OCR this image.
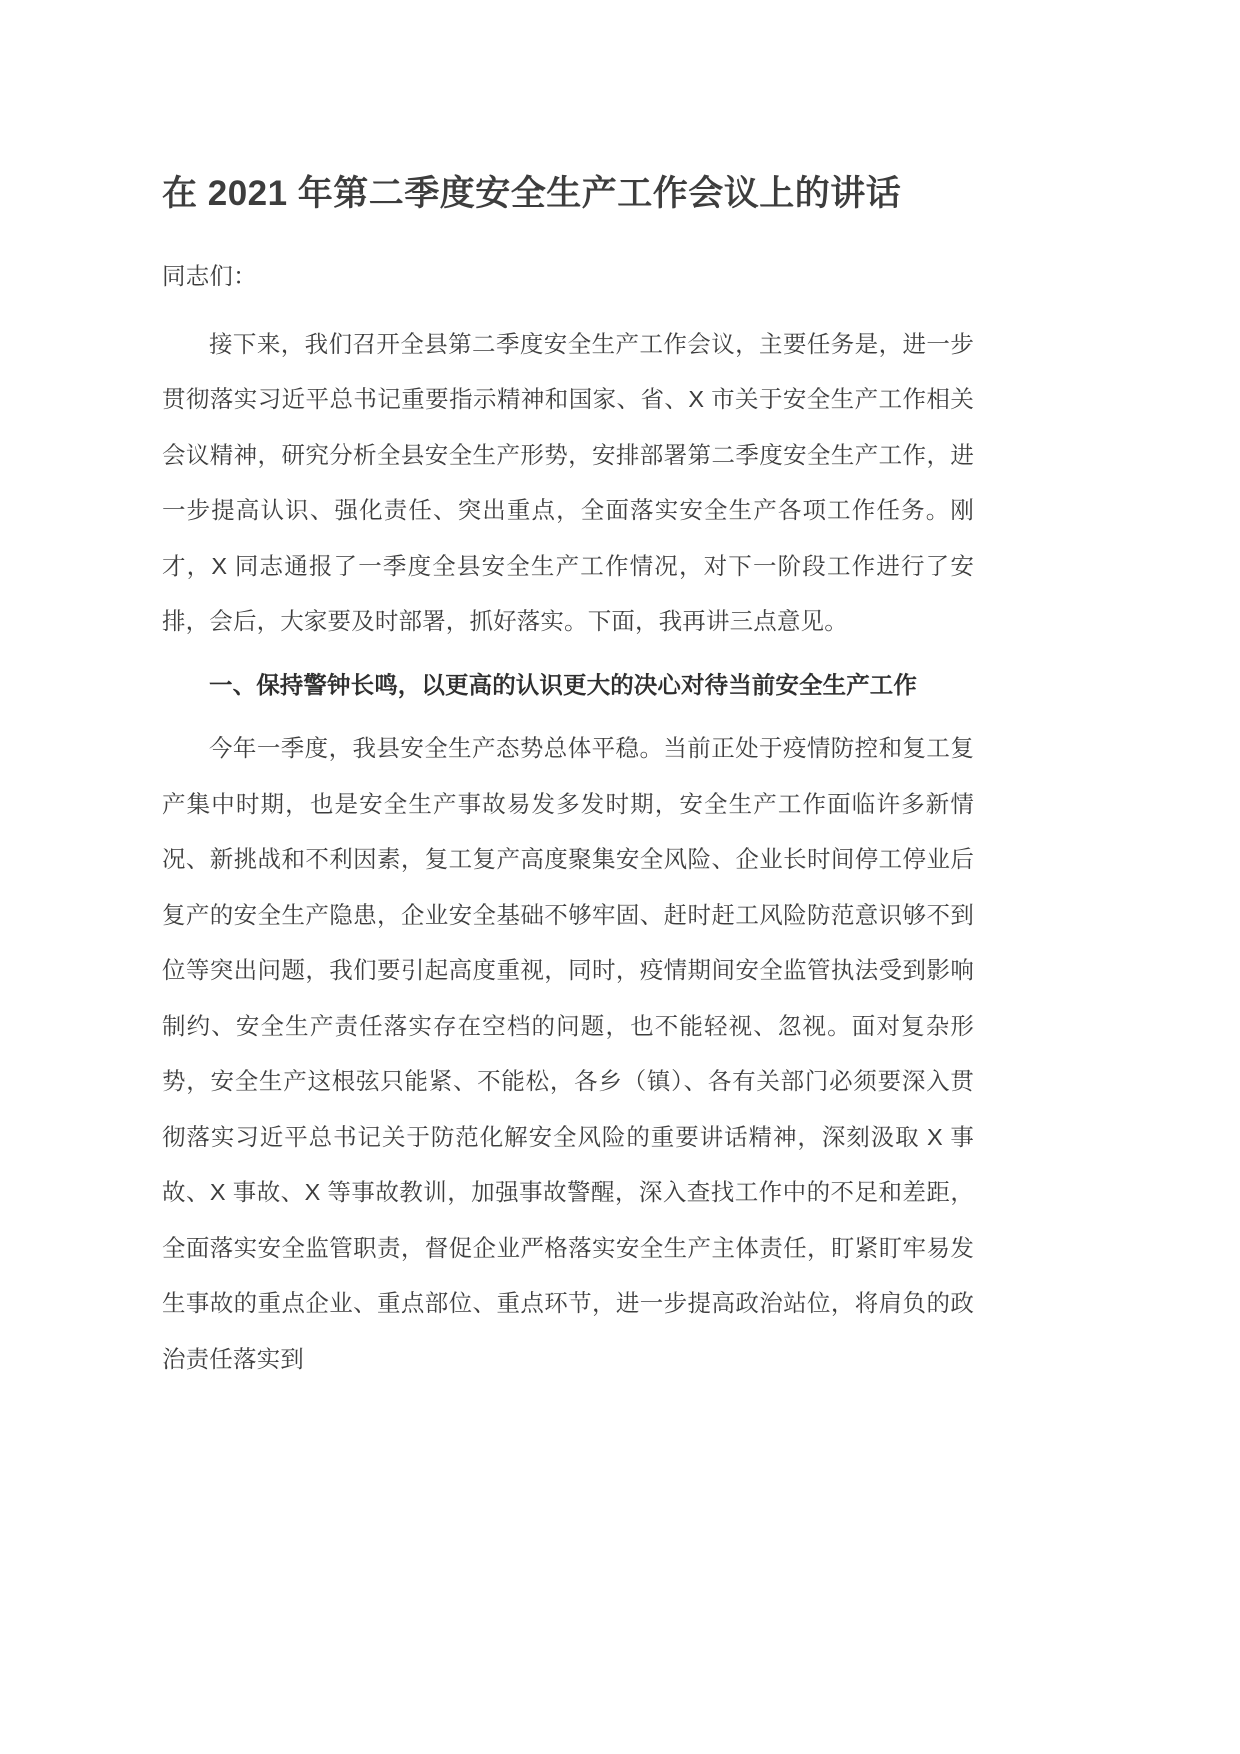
在 2021 年第二季度安全生产工作会议上的讲话

同志们：

接下来，我们召开全县第二季度安全生产工作会议，主要任务是，进一步贯彻落实习近平总书记重要指示精神和国家、省、X 市关于安全生产工作相关会议精神，研究分析全县安全生产形势，安排部署第二季度安全生产工作，进一步提高认识、强化责任、突出重点，全面落实安全生产各项工作任务。刚才，X 同志通报了一季度全县安全生产工作情况，对下一阶段工作进行了安排，会后，大家要及时部署，抓好落实。下面，我再讲三点意见。

一、保持警钟长鸣，以更高的认识更大的决心对待当前安全生产工作

今年一季度，我县安全生产态势总体平稳。当前正处于疫情防控和复工复产集中时期，也是安全生产事故易发多发时期，安全生产工作面临许多新情况、新挑战和不利因素，复工复产高度聚集安全风险、企业长时间停工停业后复产的安全生产隐患，企业安全基础不够牢固、赶时赶工风险防范意识够不到位等突出问题，我们要引起高度重视，同时，疫情期间安全监管执法受到影响制约、安全生产责任落实存在空档的问题，也不能轻视、忽视。面对复杂形势，安全生产这根弦只能紧、不能松，各乡（镇）、各有关部门必须要深入贯彻落实习近平总书记关于防范化解安全风险的重要讲话精神，深刻汲取 X 事故、X 事故、X 等事故教训，加强事故警醒，深入查找工作中的不足和差距，全面落实安全监管职责，督促企业严格落实安全生产主体责任，盯紧盯牢易发生事故的重点企业、重点部位、重点环节，进一步提高政治站位，将肩负的政治责任落实到
